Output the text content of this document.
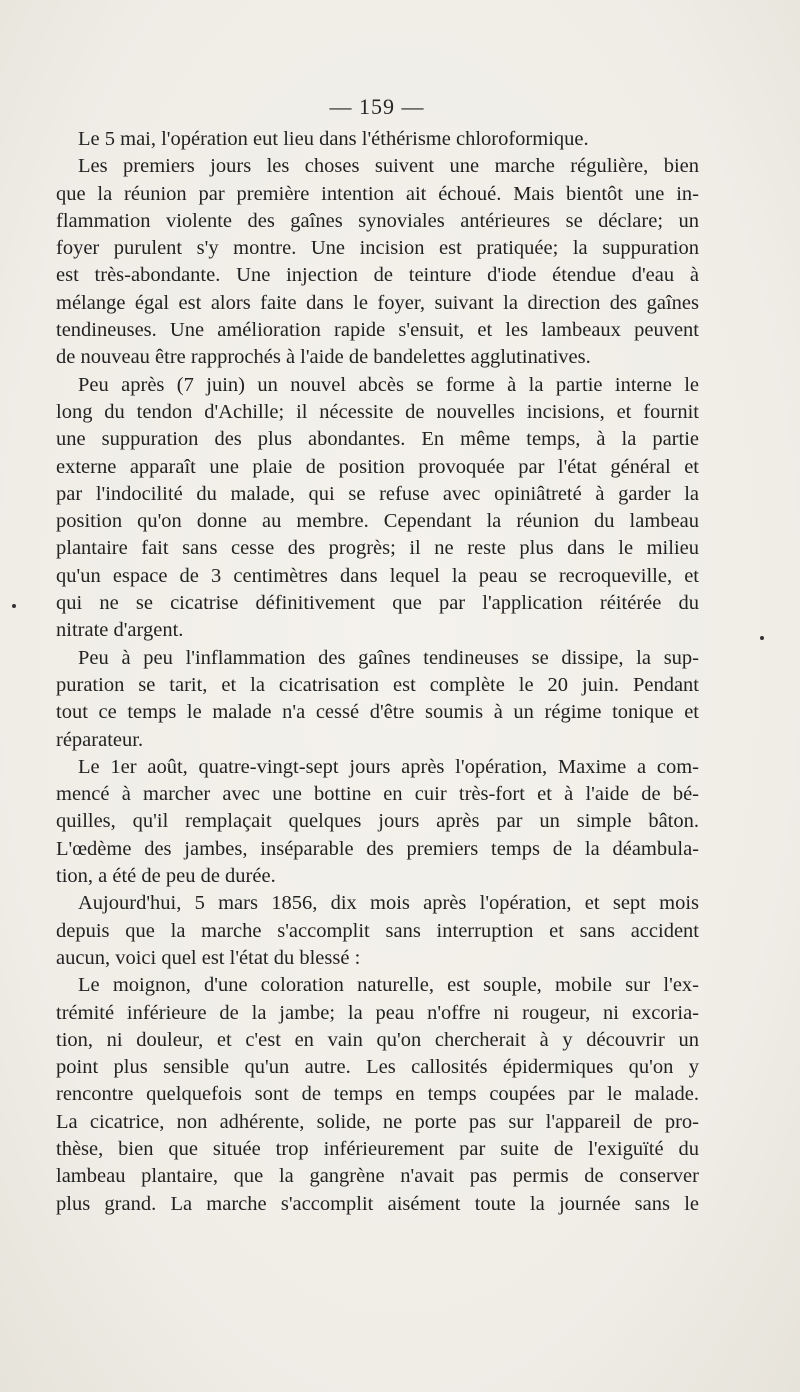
— 159 —
Le 5 mai, l'opération eut lieu dans l'éthérisme chloroformique.
Les premiers jours les choses suivent une marche régulière, bien
que la réunion par première intention ait échoué. Mais bientôt une in-
flammation violente des gaînes synoviales antérieures se déclare; un
foyer purulent s'y montre. Une incision est pratiquée; la suppuration
est très-abondante. Une injection de teinture d'iode étendue d'eau à
mélange égal est alors faite dans le foyer, suivant la direction des gaînes
tendineuses. Une amélioration rapide s'ensuit, et les lambeaux peuvent
de nouveau être rapprochés à l'aide de bandelettes agglutinatives.
Peu après (7 juin) un nouvel abcès se forme à la partie interne le
long du tendon d'Achille; il nécessite de nouvelles incisions, et fournit
une suppuration des plus abondantes. En même temps, à la partie
externe apparaît une plaie de position provoquée par l'état général et
par l'indocilité du malade, qui se refuse avec opiniâtreté à garder la
position qu'on donne au membre. Cependant la réunion du lambeau
plantaire fait sans cesse des progrès; il ne reste plus dans le milieu
qu'un espace de 3 centimètres dans lequel la peau se recroqueville, et
qui ne se cicatrise définitivement que par l'application réitérée du
nitrate d'argent.
Peu à peu l'inflammation des gaînes tendineuses se dissipe, la sup-
puration se tarit, et la cicatrisation est complète le 20 juin. Pendant
tout ce temps le malade n'a cessé d'être soumis à un régime tonique et
réparateur.
Le 1er août, quatre-vingt-sept jours après l'opération, Maxime a com-
mencé à marcher avec une bottine en cuir très-fort et à l'aide de bé-
quilles, qu'il remplaçait quelques jours après par un simple bâton.
L'œdème des jambes, inséparable des premiers temps de la déambula-
tion, a été de peu de durée.
Aujourd'hui, 5 mars 1856, dix mois après l'opération, et sept mois
depuis que la marche s'accomplit sans interruption et sans accident
aucun, voici quel est l'état du blessé :
Le moignon, d'une coloration naturelle, est souple, mobile sur l'ex-
trémité inférieure de la jambe; la peau n'offre ni rougeur, ni excoria-
tion, ni douleur, et c'est en vain qu'on chercherait à y découvrir un
point plus sensible qu'un autre. Les callosités épidermiques qu'on y
rencontre quelquefois sont de temps en temps coupées par le malade.
La cicatrice, non adhérente, solide, ne porte pas sur l'appareil de pro-
thèse, bien que située trop inférieurement par suite de l'exiguïté du
lambeau plantaire, que la gangrène n'avait pas permis de conserver
plus grand. La marche s'accomplit aisément toute la journée sans le
